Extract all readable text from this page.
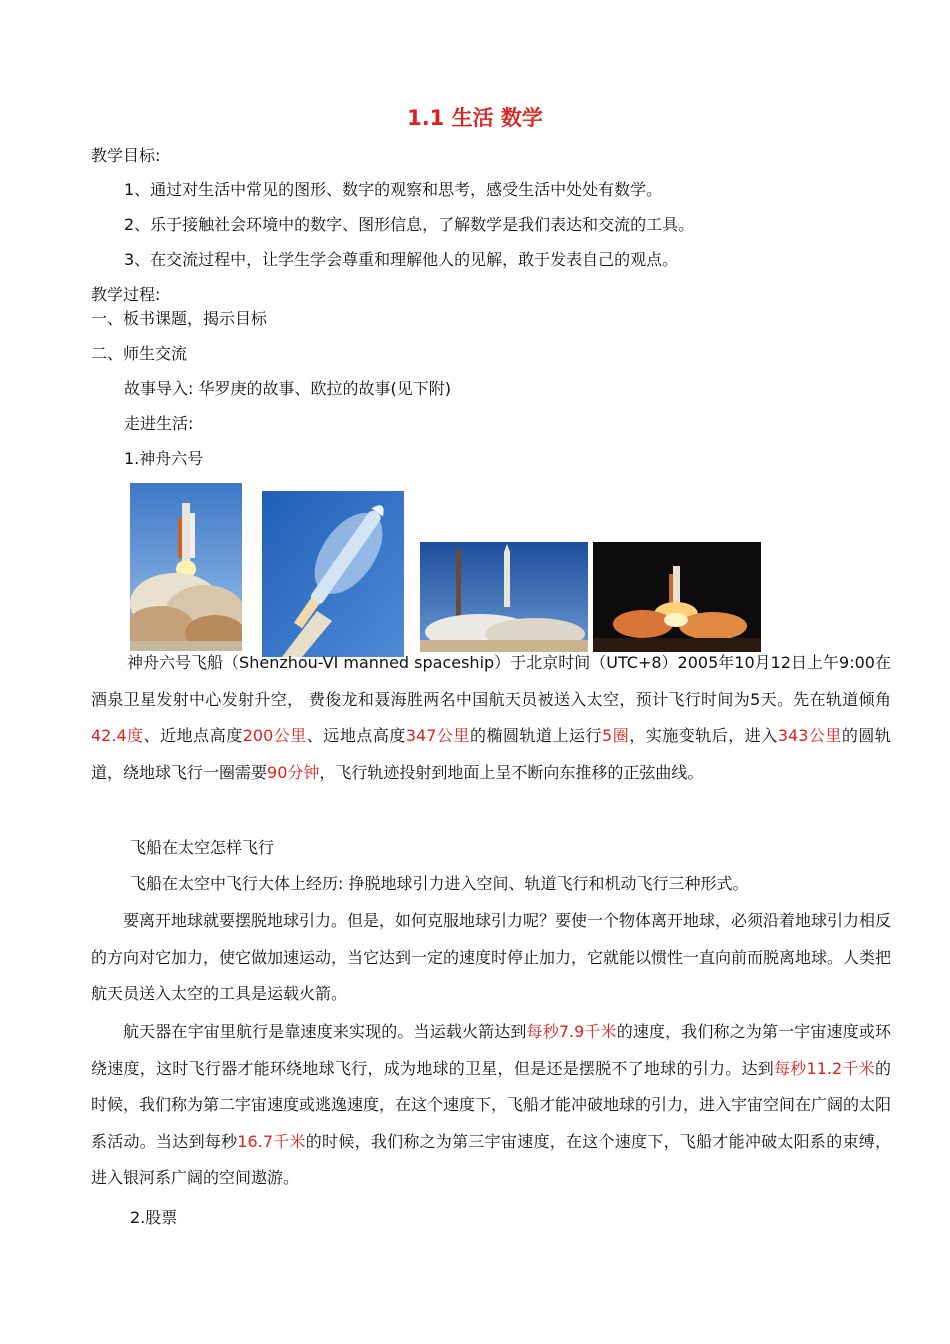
1.1 生活 数学
教学目标:
1、通过对生活中常见的图形、数字的观察和思考，感受生活中处处有数学。
2、乐于接触社会环境中的数字、图形信息，了解数学是我们表达和交流的工具。
3、在交流过程中，让学生学会尊重和理解他人的见解，敢于发表自己的观点。
教学过程:
一、板书课题，揭示目标
二、师生交流
故事导入: 华罗庚的故事、欧拉的故事(见下附)
走进生活:
1.神舟六号
神舟六号飞船（Shenzhou-VI manned spaceship）于北京时间（UTC+8）2005年10月12日上午9:00在酒泉卫星发射中心发射升空， 费俊龙和聂海胜两名中国航天员被送入太空，预计飞行时间为5天。先在轨道倾角42.4度、近地点高度200公里、远地点高度347公里的椭圆轨道上运行5圈，实施变轨后，进入343公里的圆轨道，绕地球飞行一圈需要90分钟，飞行轨迹投射到地面上呈不断向东推移的正弦曲线。
飞船在太空怎样飞行
飞船在太空中飞行大体上经历: 挣脱地球引力进入空间、轨道飞行和机动飞行三种形式。
要离开地球就要摆脱地球引力。但是，如何克服地球引力呢？要使一个物体离开地球，必须沿着地球引力相反的方向对它加力，使它做加速运动，当它达到一定的速度时停止加力，它就能以惯性一直向前而脱离地球。人类把航天员送入太空的工具是运载火箭。
航天器在宇宙里航行是靠速度来实现的。当运载火箭达到每秒7.9千米的速度，我们称之为第一宇宙速度或环绕速度，这时飞行器才能环绕地球飞行，成为地球的卫星，但是还是摆脱不了地球的引力。达到每秒11.2千米的时候，我们称为第二宇宙速度或逃逸速度，在这个速度下，飞船才能冲破地球的引力，进入宇宙空间在广阔的太阳系活动。当达到每秒16.7千米的时候，我们称之为第三宇宙速度，在这个速度下，飞船才能冲破太阳系的束缚，进入银河系广阔的空间遨游。
2.股票
